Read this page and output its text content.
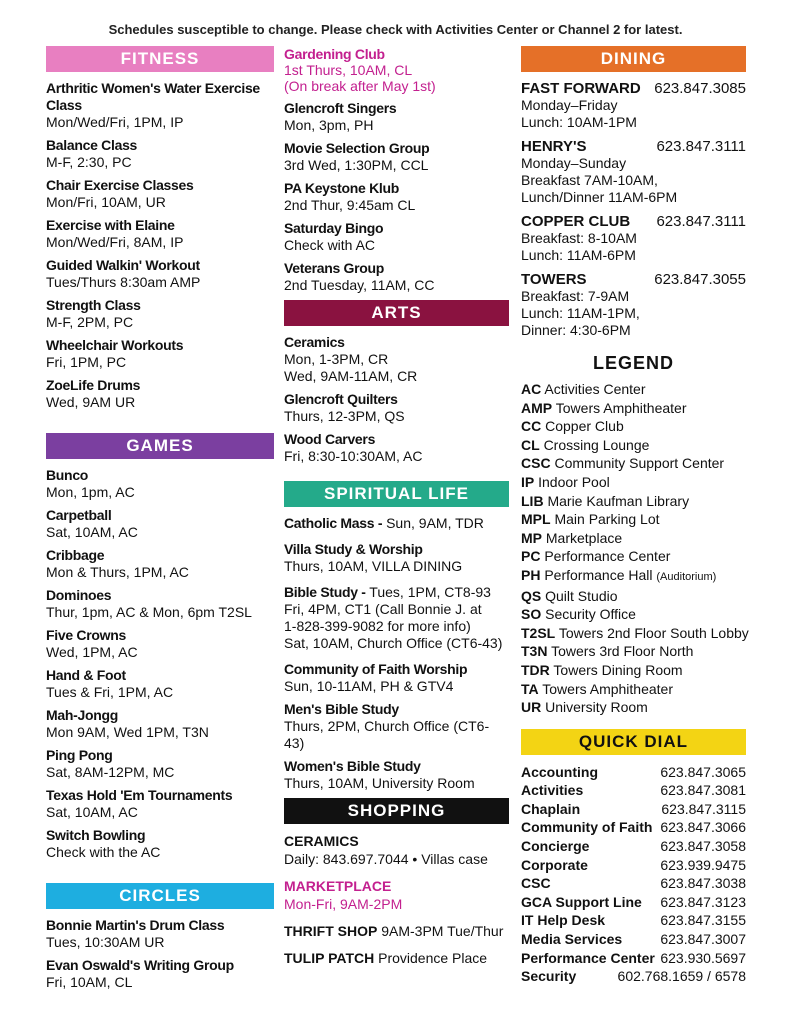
Schedules susceptible to change. Please check with Activities Center or Channel 2 for latest.
FITNESS
Arthritic Women's Water Exercise Class
Mon/Wed/Fri, 1PM, IP
Balance Class
M-F, 2:30, PC
Chair Exercise Classes
Mon/Fri, 10AM, UR
Exercise with Elaine
Mon/Wed/Fri, 8AM, IP
Guided Walkin' Workout
Tues/Thurs 8:30am AMP
Strength Class
M-F, 2PM, PC
Wheelchair Workouts
Fri, 1PM, PC
ZoeLife Drums
Wed, 9AM UR
GAMES
Bunco
Mon, 1pm, AC
Carpetball
Sat, 10AM, AC
Cribbage
Mon & Thurs, 1PM, AC
Dominoes
Thur, 1pm, AC & Mon, 6pm T2SL
Five Crowns
Wed, 1PM, AC
Hand & Foot
Tues & Fri, 1PM, AC
Mah-Jongg
Mon 9AM, Wed 1PM, T3N
Ping Pong
Sat, 8AM-12PM, MC
Texas Hold 'Em Tournaments
Sat, 10AM, AC
Switch Bowling
Check with the AC
CIRCLES
Bonnie Martin's Drum Class
Tues, 10:30AM UR
Evan Oswald's Writing Group
Fri, 10AM, CL
Gardening Club
1st Thurs, 10AM, CL
(On break after May 1st)
Glencroft Singers
Mon, 3pm, PH
Movie Selection Group
3rd Wed, 1:30PM, CCL
PA Keystone Klub
2nd Thur, 9:45am CL
Saturday Bingo
Check with AC
Veterans Group
2nd Tuesday, 11AM, CC
ARTS
Ceramics
Mon, 1-3PM, CR
Wed, 9AM-11AM, CR
Glencroft Quilters
Thurs, 12-3PM, QS
Wood Carvers
Fri, 8:30-10:30AM, AC
SPIRITUAL LIFE
Catholic Mass - Sun, 9AM, TDR
Villa Study & Worship
Thurs, 10AM, VILLA DINING
Bible Study - Tues, 1PM, CT8-93
Fri, 4PM, CT1 (Call Bonnie J. at
1-828-399-9082 for more info)
Sat, 10AM, Church Office (CT6-43)
Community of Faith Worship
Sun, 10-11AM, PH & GTV4
Men's Bible Study
Thurs, 2PM, Church Office (CT6-43)
Women's Bible Study
Thurs, 10AM, University Room
SHOPPING
CERAMICS
Daily: 843.697.7044 • Villas case
MARKETPLACE
Mon-Fri, 9AM-2PM
THRIFT SHOP 9AM-3PM Tue/Thur
TULIP PATCH Providence Place
DINING
FAST FORWARD 623.847.3085
Monday–Friday
Lunch: 10AM-1PM
HENRY'S	623.847.3111
Monday–Sunday
Breakfast 7AM-10AM,
Lunch/Dinner 11AM-6PM
COPPER CLUB 623.847.3111
Breakfast: 8-10AM
Lunch: 11AM-6PM
TOWERS	623.847.3055
Breakfast: 7-9AM
Lunch: 11AM-1PM,
Dinner: 4:30-6PM
LEGEND
AC Activities Center
AMP Towers Amphitheater
CC Copper Club
CL Crossing Lounge
CSC Community Support Center
IP Indoor Pool
LIB Marie Kaufman Library
MPL Main Parking Lot
MP Marketplace
PC Performance Center
PH Performance Hall (Auditorium)
QS Quilt Studio
SO Security Office
T2SL Towers 2nd Floor South Lobby
T3N Towers 3rd Floor North
TDR Towers Dining Room
TA Towers Amphitheater
UR University Room
QUICK DIAL
Accounting	623.847.3065
Activities	623.847.3081
Chaplain	623.847.3115
Community of Faith 623.847.3066
Concierge	623.847.3058
Corporate	623.939.9475
CSC	623.847.3038
GCA Support Line 623.847.3123
IT Help Desk	623.847.3155
Media Services	623.847.3007
Performance Center 623.930.5697
Security	602.768.1659 / 6578
